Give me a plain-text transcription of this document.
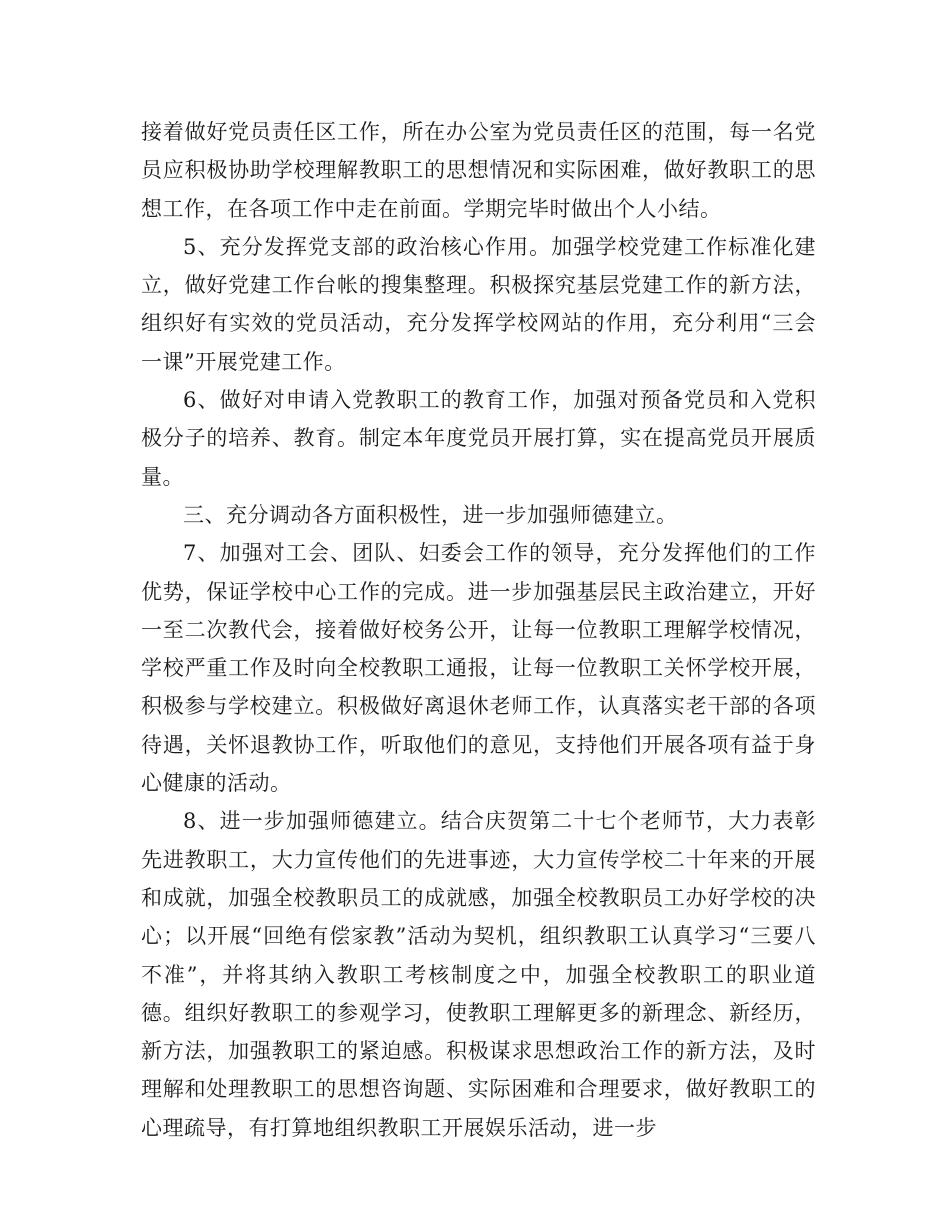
接着做好党员责任区工作，所在办公室为党员责任区的范围，每一名党员应积极协助学校理解教职工的思想情况和实际困难，做好教职工的思想工作，在各项工作中走在前面。学期完毕时做出个人小结。

5、充分发挥党支部的政治核心作用。加强学校党建工作标准化建立，做好党建工作台帐的搜集整理。积极探究基层党建工作的新方法，组织好有实效的党员活动，充分发挥学校网站的作用，充分利用“三会一课”开展党建工作。

6、做好对申请入党教职工的教育工作，加强对预备党员和入党积极分子的培养、教育。制定本年度党员开展打算，实在提高党员开展质量。

三、充分调动各方面积极性，进一步加强师德建立。

7、加强对工会、团队、妇委会工作的领导，充分发挥他们的工作优势，保证学校中心工作的完成。进一步加强基层民主政治建立，开好一至二次教代会，接着做好校务公开，让每一位教职工理解学校情况，学校严重工作及时向全校教职工通报，让每一位教职工关怀学校开展，积极参与学校建立。积极做好离退休老师工作，认真落实老干部的各项待遇，关怀退教协工作，听取他们的意见，支持他们开展各项有益于身心健康的活动。

8、进一步加强师德建立。结合庆贺第二十七个老师节，大力表彰先进教职工，大力宣传他们的先进事迹，大力宣传学校二十年来的开展和成就，加强全校教职员工的成就感，加强全校教职员工办好学校的决心；以开展“回绝有偿家教”活动为契机，组织教职工认真学习“三要八不准”，并将其纳入教职工考核制度之中，加强全校教职工的职业道德。组织好教职工的参观学习，使教职工理解更多的新理念、新经历，新方法，加强教职工的紧迫感。积极谋求思想政治工作的新方法，及时理解和处理教职工的思想咨询题、实际困难和合理要求，做好教职工的心理疏导，有打算地组织教职工开展娱乐活动，进一步
